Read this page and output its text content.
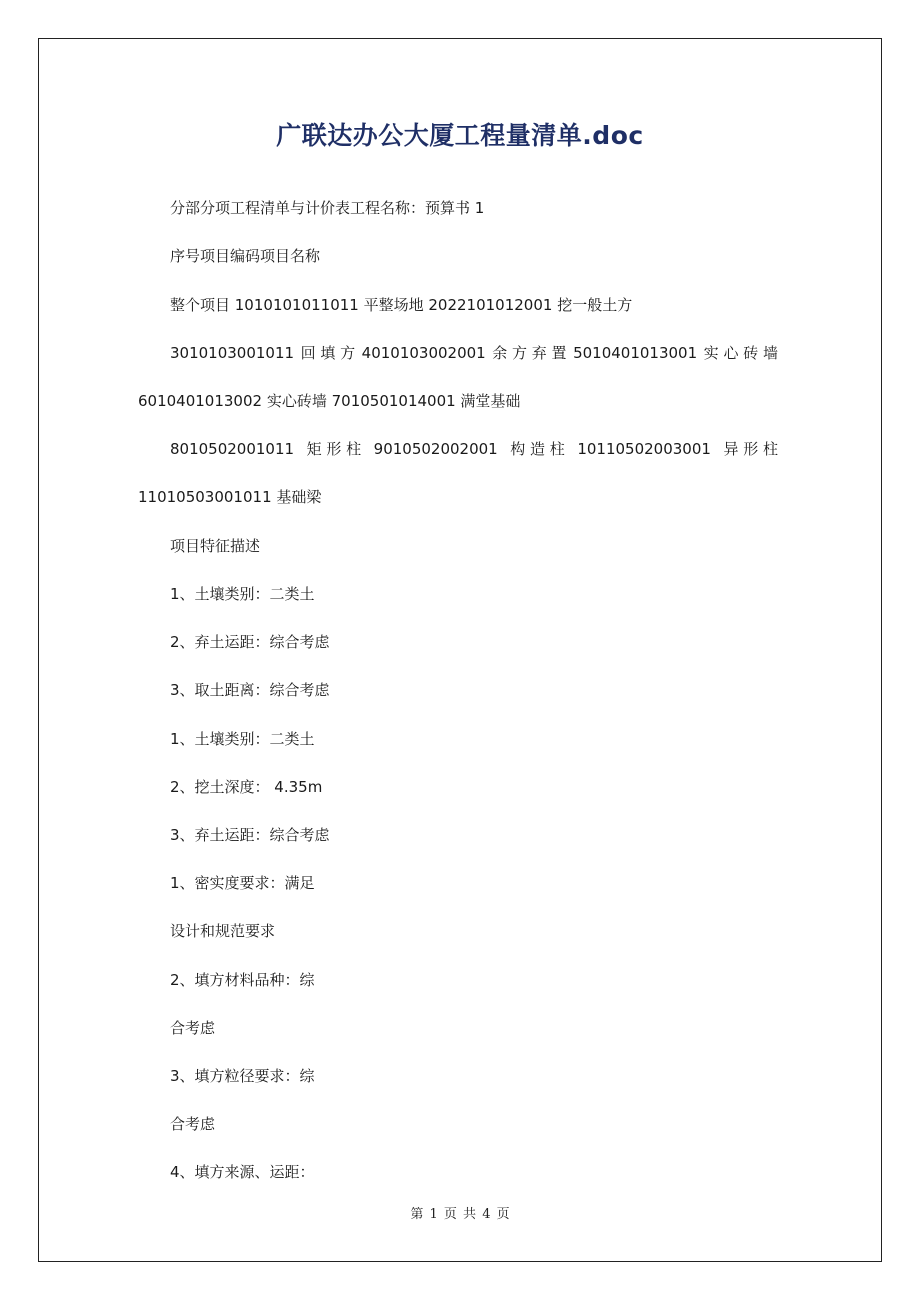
广联达办公大厦工程量清单.doc
分部分项工程清单与计价表工程名称：预算书 1
序号项目编码项目名称
整个项目 1010101011011 平整场地 2022101012001 挖一般土方
3010103001011 回 填 方 4010103002001 余 方 弃 置 5010401013001 实 心 砖 墙
6010401013002 实心砖墙 7010501014001 满堂基础
8010502001011 矩 形 柱 9010502002001 构 造 柱 10110502003001 异 形 柱
11010503001011 基础梁
项目特征描述
1、土壤类别：二类土
2、弃土运距：综合考虑
3、取土距离：综合考虑
1、土壤类别：二类土
2、挖土深度： 4.35m
3、弃土运距：综合考虑
1、密实度要求：满足
设计和规范要求
2、填方材料品种：综
合考虑
3、填方粒径要求：综
合考虑
4、填方来源、运距：
第 1 页 共 4 页
